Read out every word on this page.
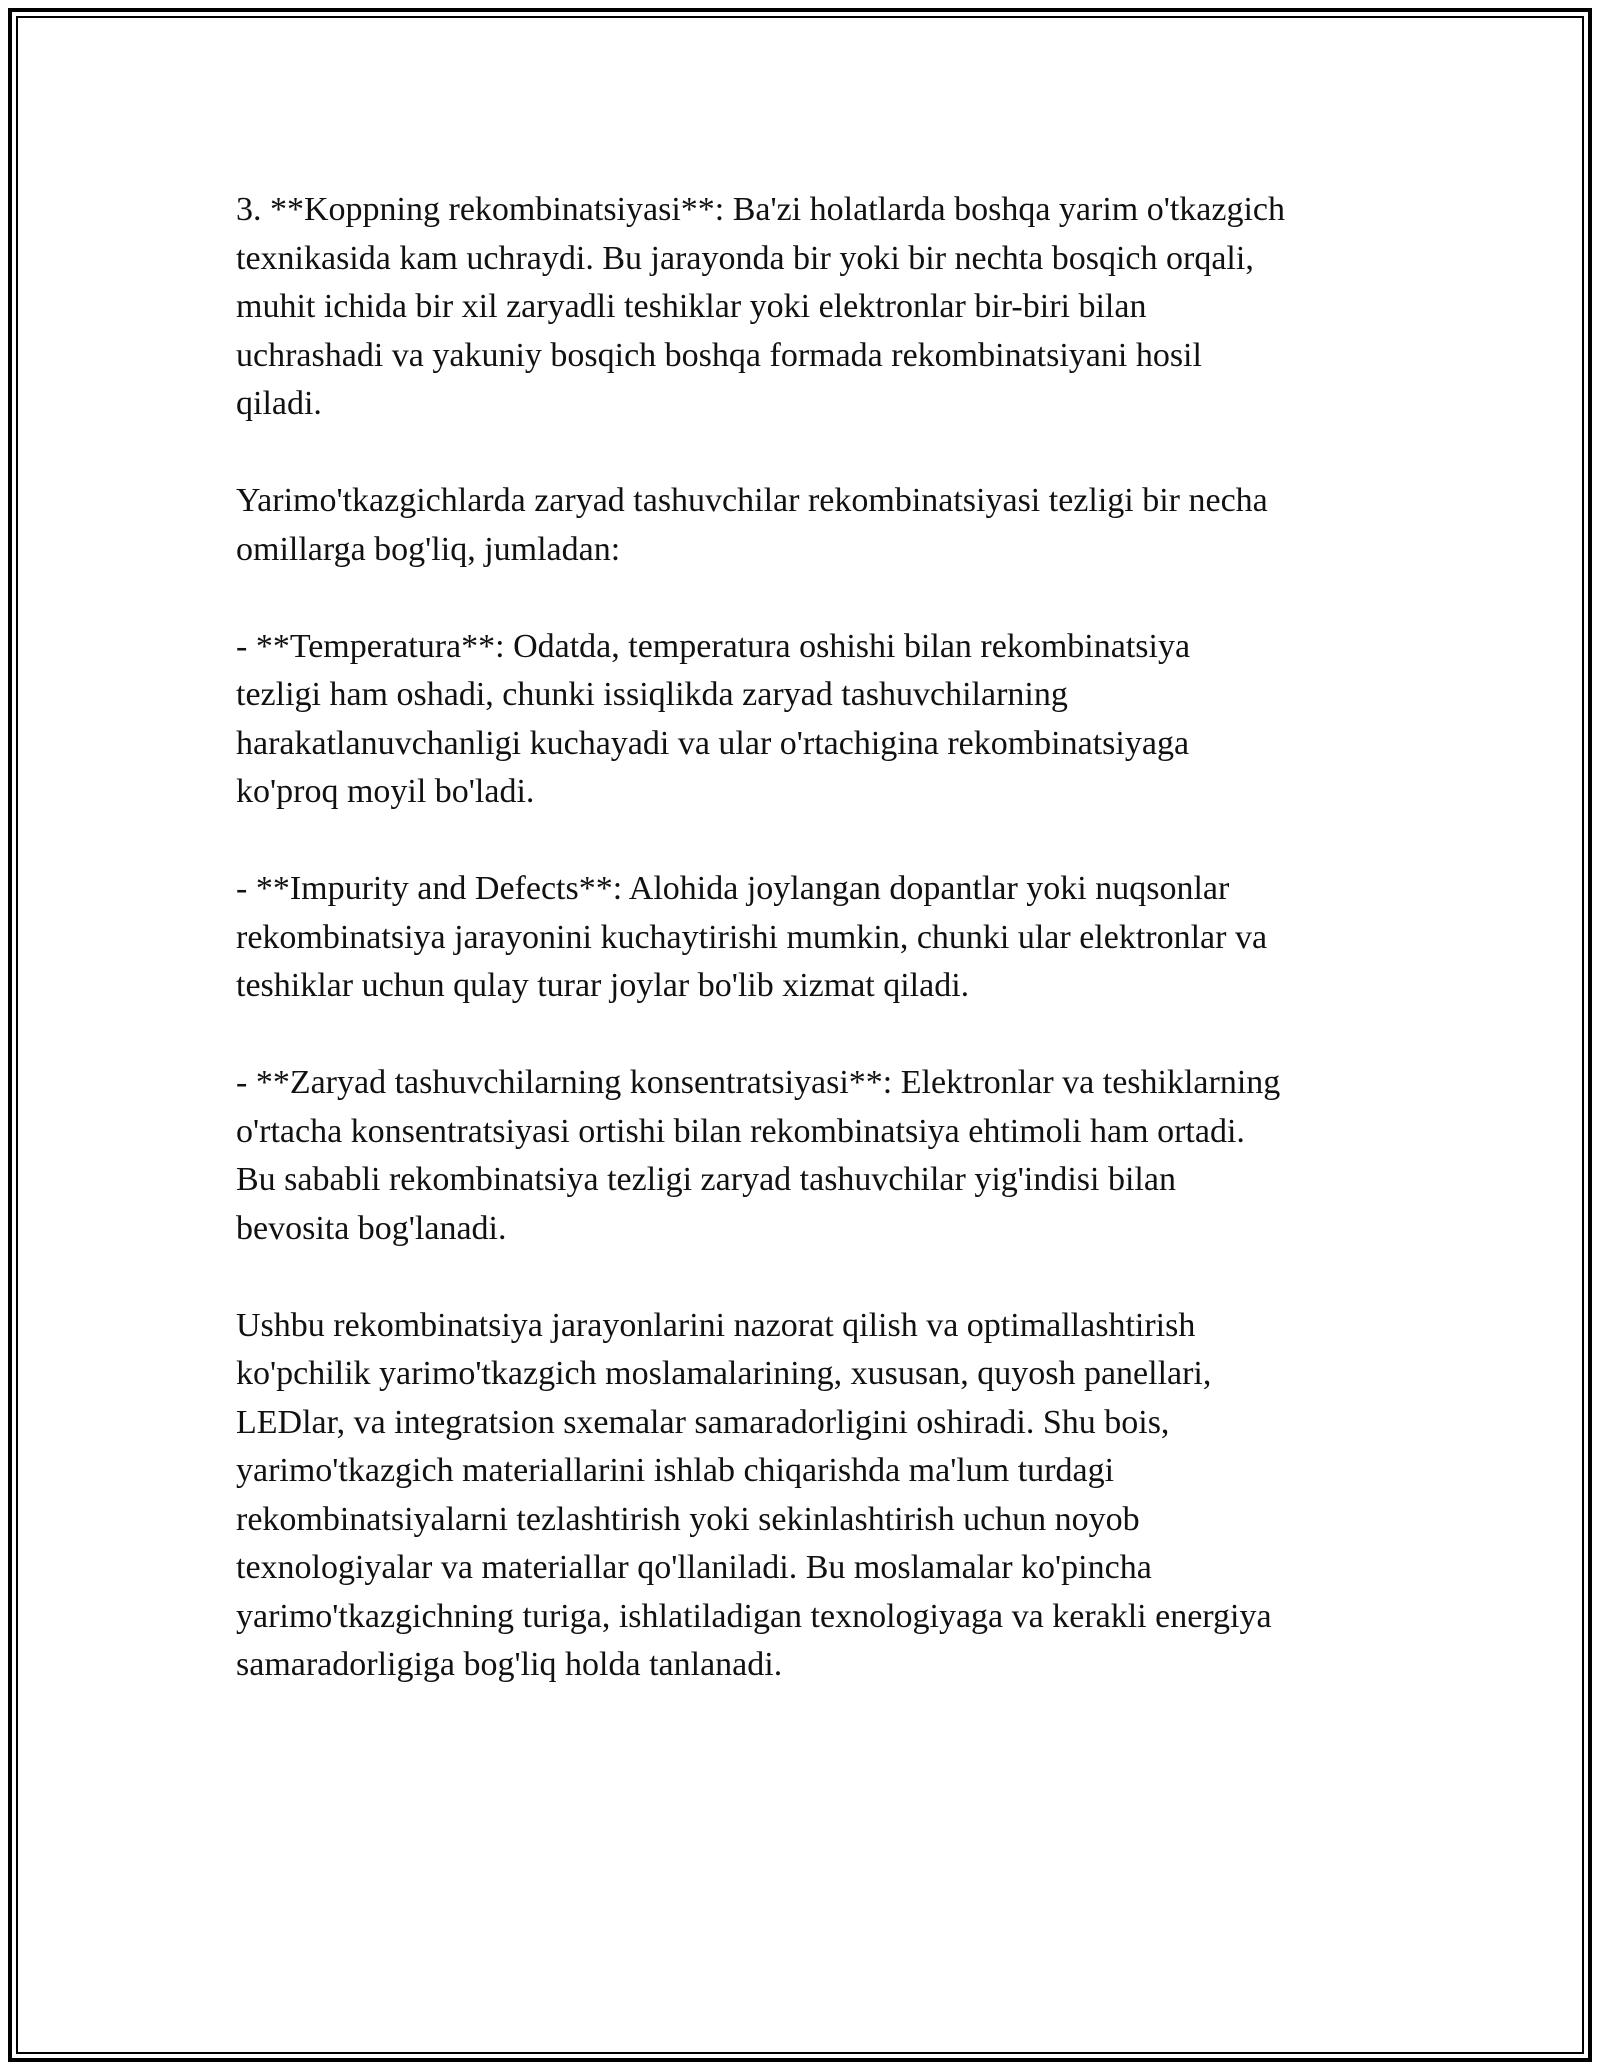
3. **Koppning rekombinatsiyasi**: Ba'zi holatlarda boshqa yarim o'tkazgich
texnikasida kam uchraydi. Bu jarayonda bir yoki bir nechta bosqich orqali,
muhit ichida bir xil zaryadli teshiklar yoki elektronlar bir-biri bilan
uchrashadi va yakuniy bosqich boshqa formada rekombinatsiyani hosil
qiladi.

Yarimo'tkazgichlarda zaryad tashuvchilar rekombinatsiyasi tezligi bir necha
omillarga bog'liq, jumladan:

- **Temperatura**: Odatda, temperatura oshishi bilan rekombinatsiya
tezligi ham oshadi, chunki issiqlikda zaryad tashuvchilarning
harakatlanuvchanligi kuchayadi va ular o'rtachigina rekombinatsiyaga
ko'proq moyil bo'ladi.

- **Impurity and Defects**: Alohida joylangan dopantlar yoki nuqsonlar
rekombinatsiya jarayonini kuchaytirishi mumkin, chunki ular elektronlar va
teshiklar uchun qulay turar joylar bo'lib xizmat qiladi.

- **Zaryad tashuvchilarning konsentratsiyasi**: Elektronlar va teshiklarning
o'rtacha konsentratsiyasi ortishi bilan rekombinatsiya ehtimoli ham ortadi.
Bu sababli rekombinatsiya tezligi zaryad tashuvchilar yig'indisi bilan
bevosita bog'lanadi.

Ushbu rekombinatsiya jarayonlarini nazorat qilish va optimallashtirish
ko'pchilik yarimo'tkazgich moslamalarining, xususan, quyosh panellari,
LEDlar, va integratsion sxemalar samaradorligini oshiradi. Shu bois,
yarimo'tkazgich materiallarini ishlab chiqarishda ma'lum turdagi
rekombinatsiyalarni tezlashtirish yoki sekinlashtirish uchun noyob
texnologiyalar va materiallar qo'llaniladi. Bu moslamalar ko'pincha
yarimo'tkazgichning turiga, ishlatiladigan texnologiyaga va kerakli energiya
samaradorligiga bog'liq holda tanlanadi.
